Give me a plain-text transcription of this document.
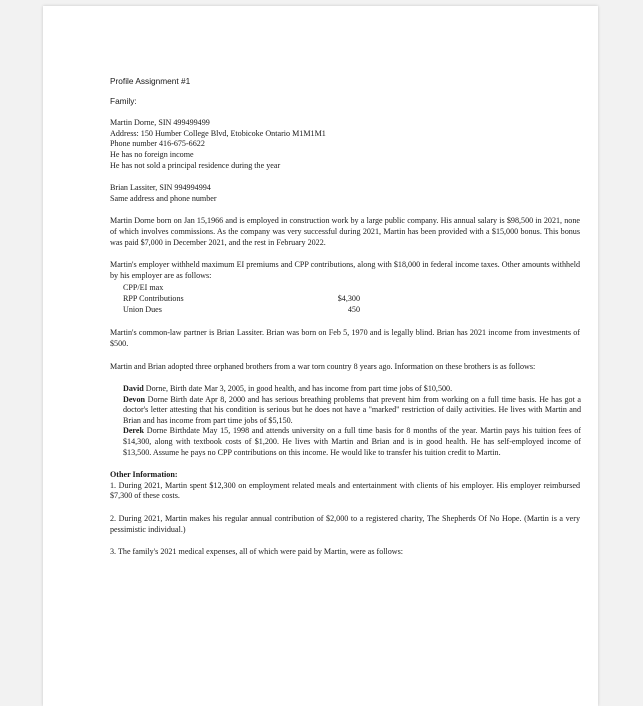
Profile Assignment #1
Family:
Martin Dorne, SIN 499499499
Address: 150 Humber College Blvd, Etobicoke Ontario M1M1M1
Phone number 416-675-6622
He has no foreign income
He has not sold a principal residence during the year
Brian Lassiter, SIN 994994994
Same address and phone number
Martin Dorne born on Jan 15,1966 and is employed in construction work by a large public company. His annual salary is $98,500 in 2021, none of which involves commissions. As the company was very successful during 2021, Martin has been provided with a $15,000 bonus. This bonus was paid $7,000 in December 2021, and the rest in February 2022.
Martin's employer withheld maximum EI premiums and CPP contributions, along with $18,000 in federal income taxes. Other amounts withheld by his employer are as follows:
CPP/EI max
RPP Contributions	$4,300
Union Dues	450
Martin's common-law partner is Brian Lassiter. Brian was born on Feb 5, 1970 and is legally blind. Brian has 2021 income from investments of $500.
Martin and Brian adopted three orphaned brothers from a war torn country 8 years ago. Information on these brothers is as follows:
David Dorne, Birth date Mar 3, 2005, in good health, and has income from part time jobs of $10,500.
Devon Dorne Birth date Apr 8, 2000 and has serious breathing problems that prevent him from working on a full time basis. He has got a doctor's letter attesting that his condition is serious but he does not have a "marked" restriction of daily activities. He lives with Martin and Brian and has income from part time jobs of $5,150.
Derek Dorne Birthdate May 15, 1998 and attends university on a full time basis for 8 months of the year. Martin pays his tuition fees of $14,300, along with textbook costs of $1,200. He lives with Martin and Brian and is in good health. He has self-employed income of $13,500. Assume he pays no CPP contributions on this income. He would like to transfer his tuition credit to Martin.
Other Information:
1. During 2021, Martin spent $12,300 on employment related meals and entertainment with clients of his employer. His employer reimbursed $7,300 of these costs.
2. During 2021, Martin makes his regular annual contribution of $2,000 to a registered charity, The Shepherds Of No Hope. (Martin is a very pessimistic individual.)
3. The family's 2021 medical expenses, all of which were paid by Martin, were as follows:
